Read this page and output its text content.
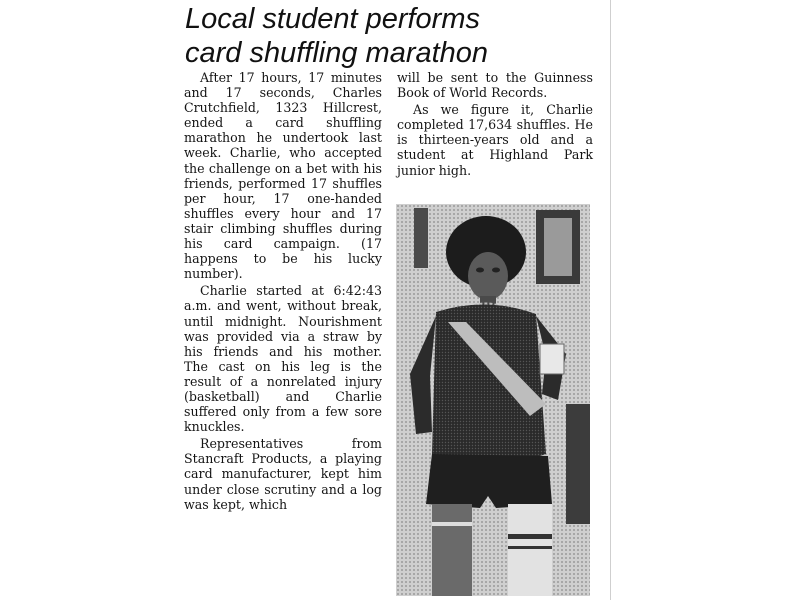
Local student performs
card shuffling marathon

After 17 hours, 17 minutes and 17 seconds, Charles Crutchfield, 1323 Hillcrest, ended a card shuffling marathon he undertook last week. Charlie, who accepted the challenge on a bet with his friends, performed 17 shuffles per hour, 17 one-handed shuffles every hour and 17 stair climbing shuffles during his card campaign. (17 happens to be his lucky number).

Charlie started at 6:42:43 a.m. and went, without break, until midnight. Nourishment was provided via a straw by his friends and his mother. The cast on his leg is the result of a nonrelated injury (basketball) and Charlie suffered only from a few sore knuckles.

Representatives from Stancraft Products, a playing card manufacturer, kept him under close scrutiny and a log was kept, which

will be sent to the Guinness Book of World Records.

As we figure it, Charlie completed 17,634 shuffles. He is thirteen-years old and a student at Highland Park junior high.
